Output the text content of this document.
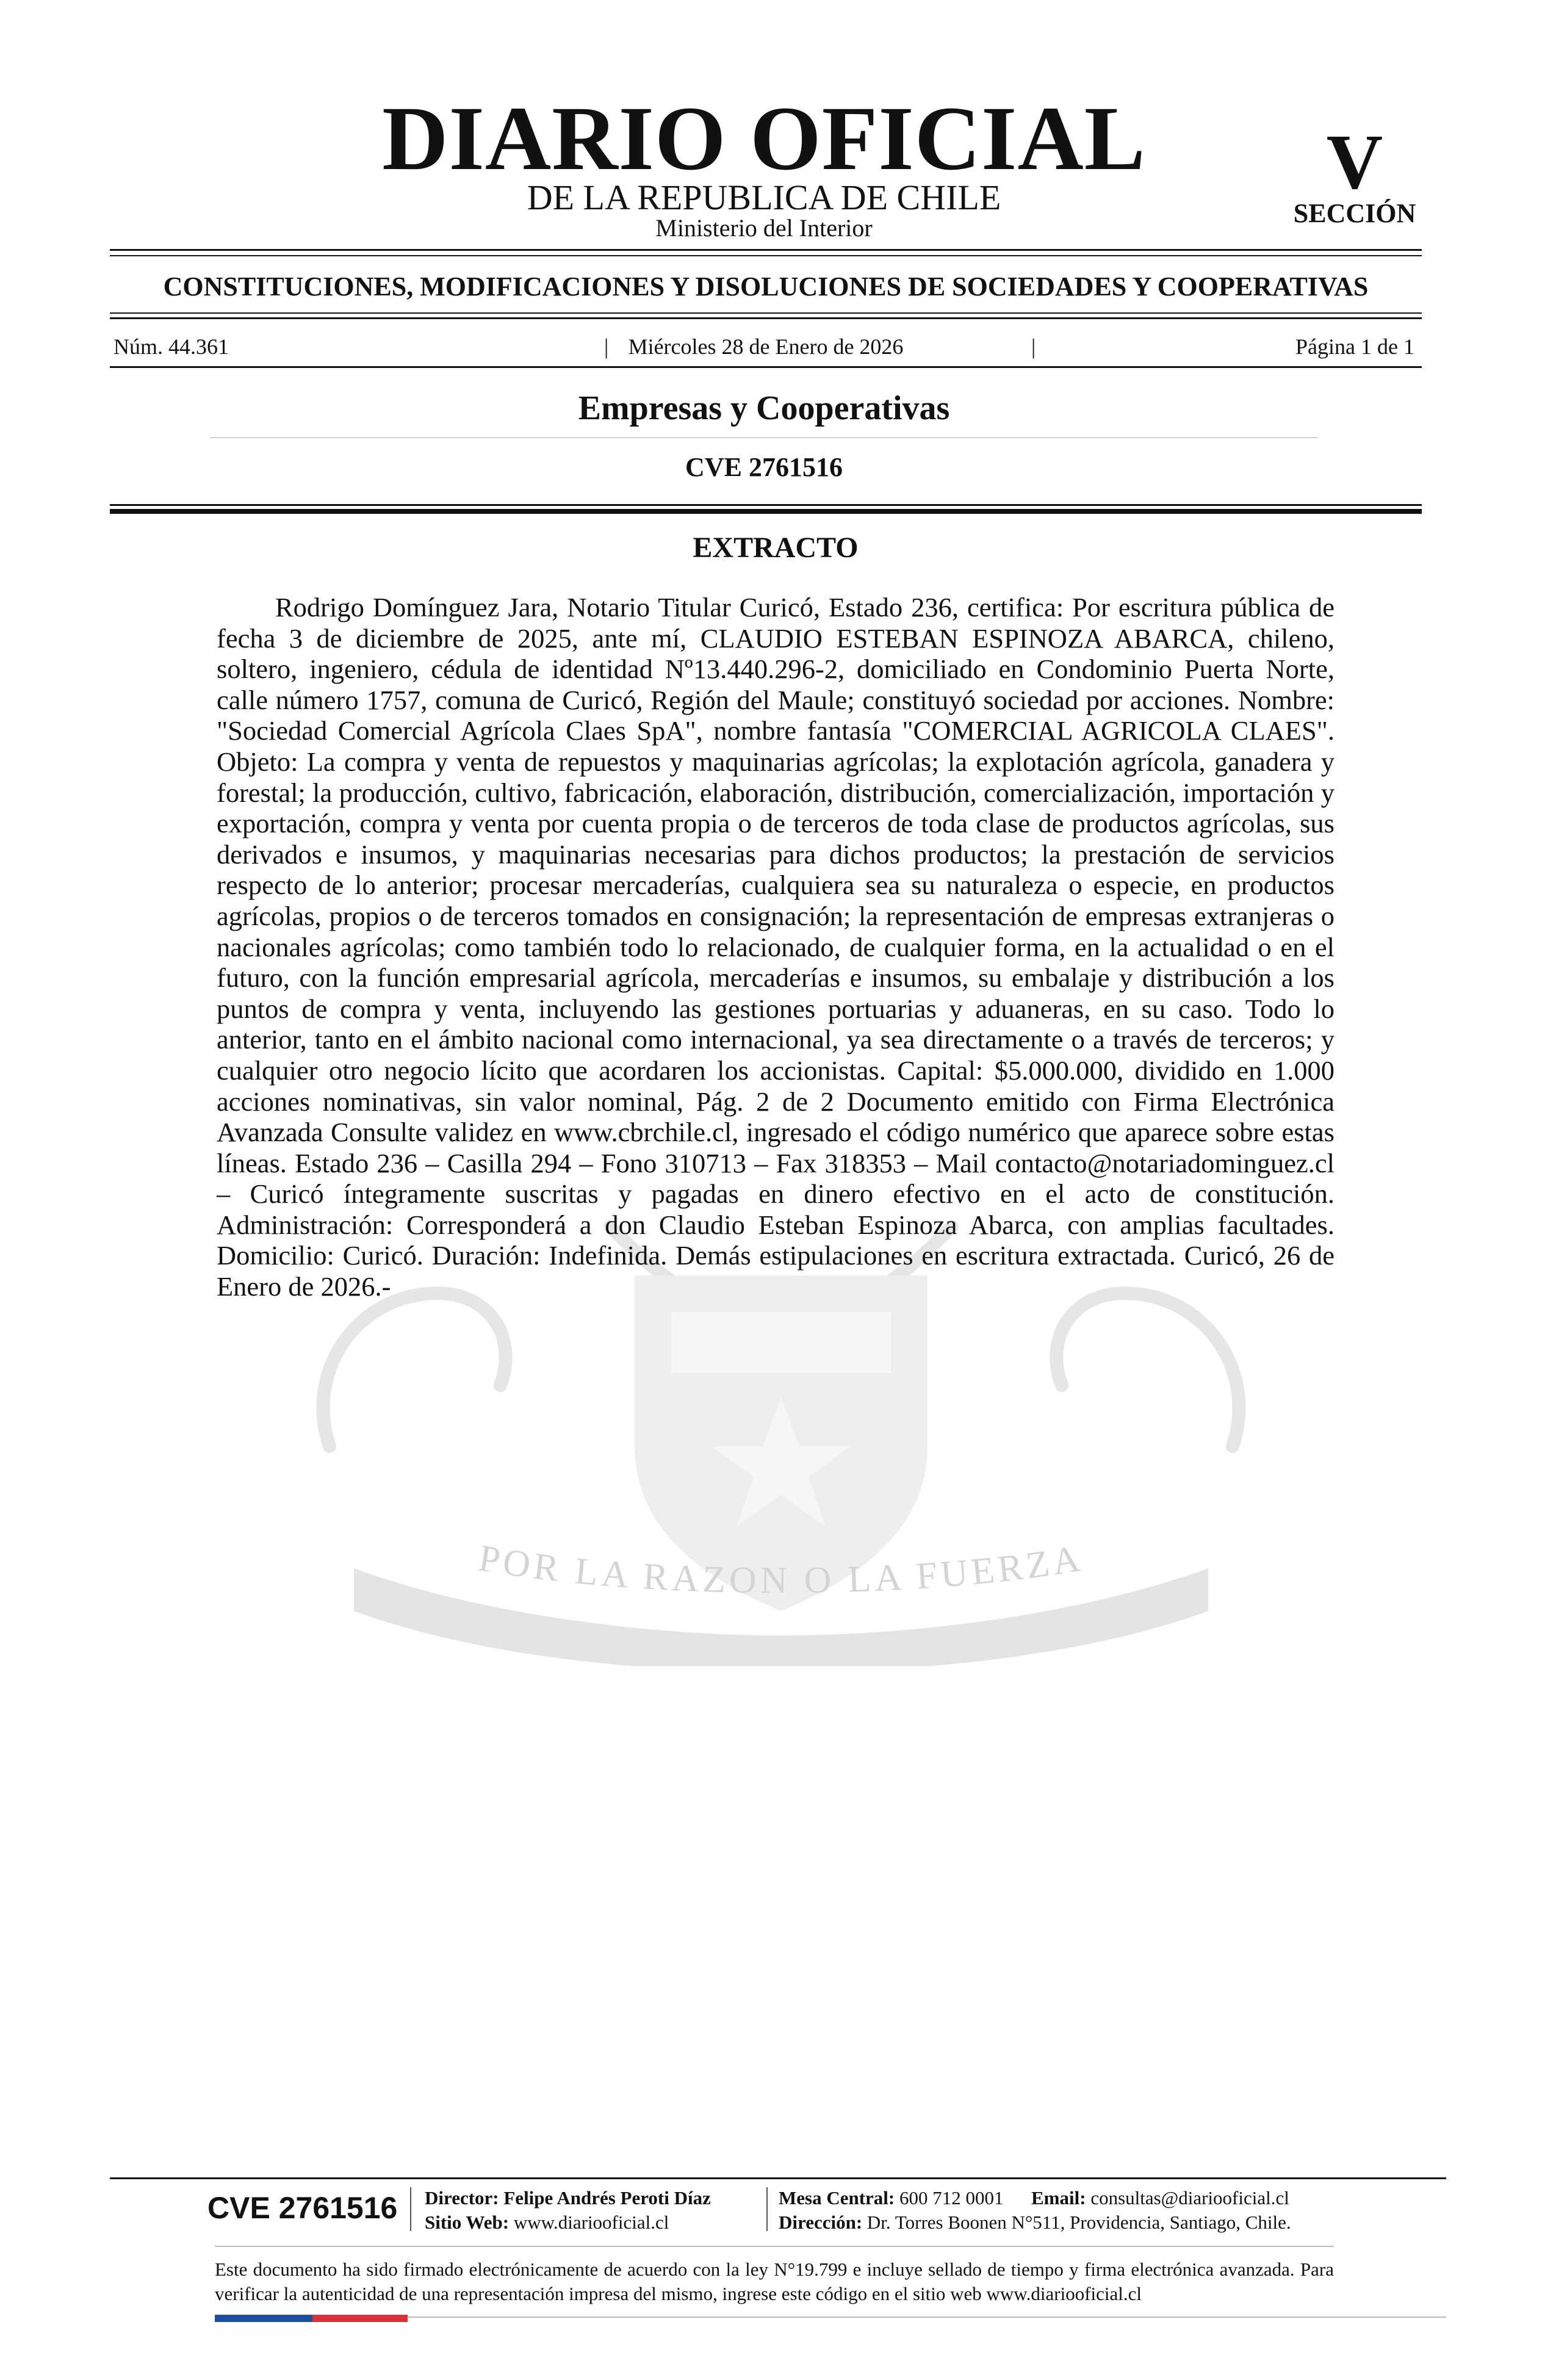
DIARIO OFICIAL
DE LA REPUBLICA DE CHILE
Ministerio del Interior
V
SECCIÓN
CONSTITUCIONES, MODIFICACIONES Y DISOLUCIONES DE SOCIEDADES Y COOPERATIVAS
Miércoles 28 de Enero de 2026
Núm. 44.361	|	|	Página 1 de 1
Empresas y Cooperativas
CVE 2761516
POR LA RAZON O LA FUERZA
EXTRACTO

Rodrigo Domínguez Jara, Notario Titular Curicó, Estado 236, certifica: Por escritura pública de fecha 3 de diciembre de 2025, ante mí, CLAUDIO ESTEBAN ESPINOZA ABARCA, chileno, soltero, ingeniero, cédula de identidad Nº13.440.296-2, domiciliado en Condominio Puerta Norte, calle número 1757, comuna de Curicó, Región del Maule; constituyó sociedad por acciones. Nombre: "Sociedad Comercial Agrícola Claes SpA", nombre fantasía "COMERCIAL AGRICOLA CLAES". Objeto: La compra y venta de repuestos y maquinarias agrícolas; la explotación agrícola, ganadera y forestal; la producción, cultivo, fabricación, elaboración, distribución, comercialización, importación y exportación, compra y venta por cuenta propia o de terceros de toda clase de productos agrícolas, sus derivados e insumos, y maquinarias necesarias para dichos productos; la prestación de servicios respecto de lo anterior; procesar mercaderías, cualquiera sea su naturaleza o especie, en productos agrícolas, propios o de terceros tomados en consignación; la representación de empresas extranjeras o nacionales agrícolas; como también todo lo relacionado, de cualquier forma, en la actualidad o en el futuro, con la función empresarial agrícola, mercaderías e insumos, su embalaje y distribución a los puntos de compra y venta, incluyendo las gestiones portuarias y aduaneras, en su caso. Todo lo anterior, tanto en el ámbito nacional como internacional, ya sea directamente o a través de terceros; y cualquier otro negocio lícito que acordaren los accionistas. Capital: $5.000.000, dividido en 1.000 acciones nominativas, sin valor nominal, Pág. 2 de 2 Documento emitido con Firma Electrónica Avanzada Consulte validez en www.cbrchile.cl, ingresado el código numérico que aparece sobre estas líneas. Estado 236 – Casilla 294 – Fono 310713 – Fax 318353 – Mail contacto@notariadominguez.cl – Curicó íntegramente suscritas y pagadas en dinero efectivo en el acto de constitución. Administración: Corresponderá a don Claudio Esteban Espinoza Abarca, con amplias facultades. Domicilio: Curicó. Duración: Indefinida. Demás estipulaciones en escritura extractada. Curicó, 26 de Enero de 2026.-

CVE 2761516	Director: Felipe Andrés Peroti Díaz
Sitio Web: www.diariooficial.cl
Mesa Central: 600 712 0001 Email: consultas@diariooficial.cl
Dirección: Dr. Torres Boonen N°511, Providencia, Santiago, Chile.

Este documento ha sido firmado electrónicamente de acuerdo con la ley N°19.799 e incluye sellado de tiempo y firma electrónica avanzada. Para verificar la autenticidad de una representación impresa del mismo, ingrese este código en el sitio web www.diariooficial.cl
